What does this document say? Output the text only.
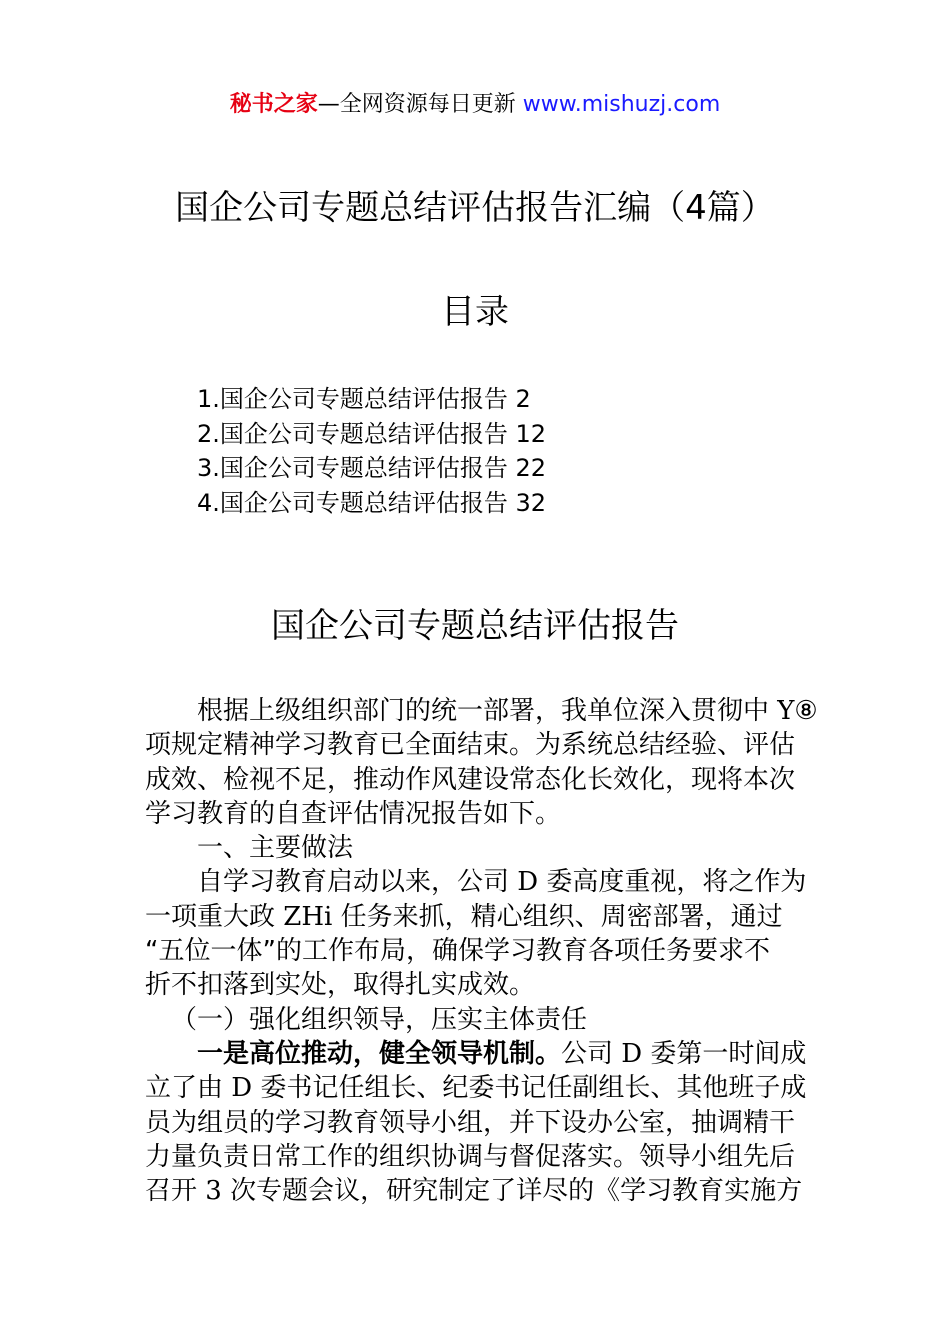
秘书之家—全网资源每日更新 www.mishuzj.com
国企公司专题总结评估报告汇编（4篇）
目录
1.国企公司专题总结评估报告 2
2.国企公司专题总结评估报告 12
3.国企公司专题总结评估报告 22
4.国企公司专题总结评估报告 32
国企公司专题总结评估报告
根据上级组织部门的统一部署，我单位深入贯彻中 Y⑧
项规定精神学习教育已全面结束。为系统总结经验、评估
成效、检视不足，推动作风建设常态化长效化，现将本次
学习教育的自查评估情况报告如下。
一、主要做法
自学习教育启动以来，公司 D 委高度重视，将之作为
一项重大政 ZHi 任务来抓，精心组织、周密部署，通过
“五位一体”的工作布局，确保学习教育各项任务要求不
折不扣落到实处，取得扎实成效。
（一）强化组织领导，压实主体责任
一是高位推动，健全领导机制。公司 D 委第一时间成
立了由 D 委书记任组长、纪委书记任副组长、其他班子成
员为组员的学习教育领导小组，并下设办公室，抽调精干
力量负责日常工作的组织协调与督促落实。领导小组先后
召开 3 次专题会议，研究制定了详尽的《学习教育实施方
